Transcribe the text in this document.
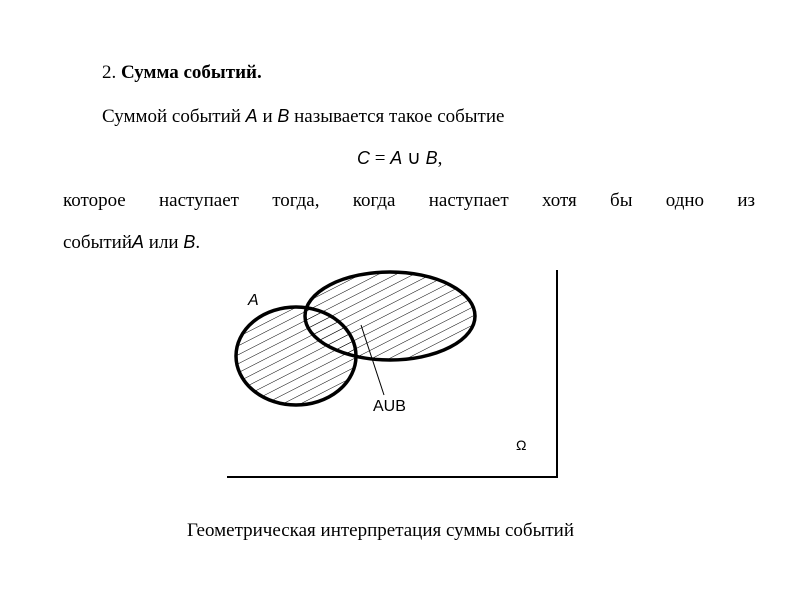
2. Сумма событий.
Суммой событий A и B называется такое событие
C = A ∪ B,
которое наступает тогда, когда наступает хотя бы одно из
событийA или B.
A
AUB
Ω
Геометрическая интерпретация суммы событий
